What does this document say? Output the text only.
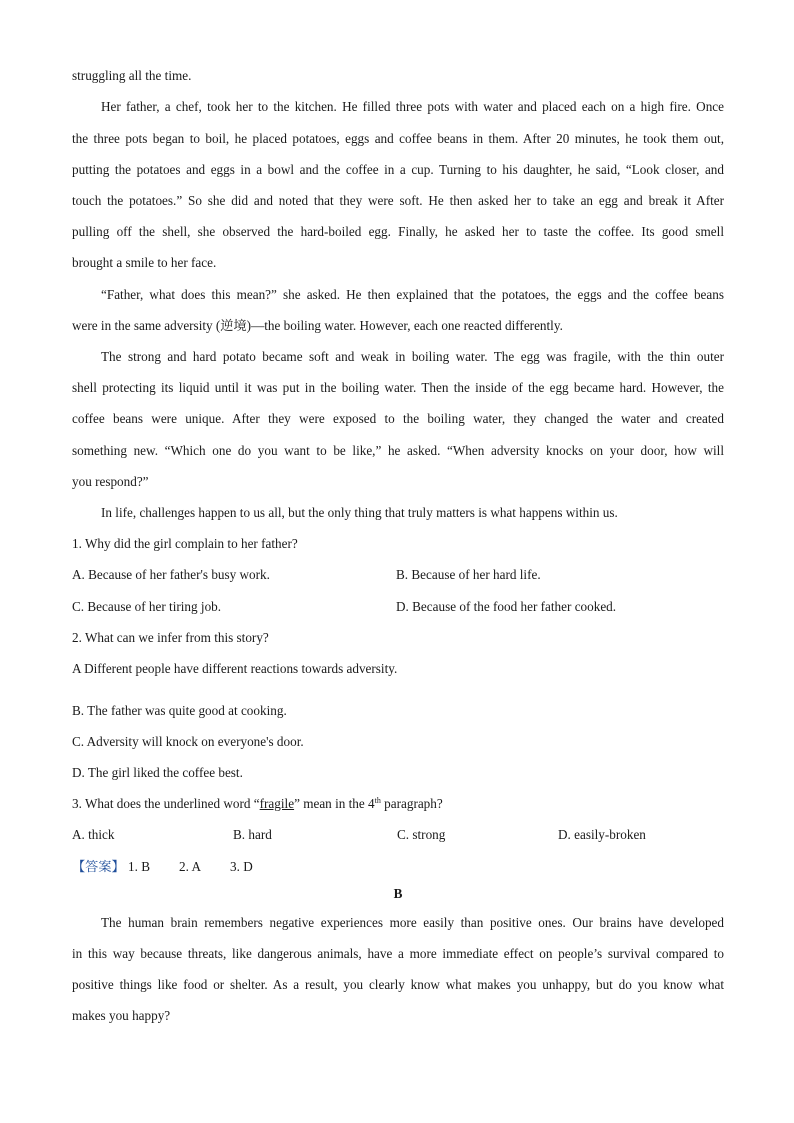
struggling all the time.
Her father, a chef, took her to the kitchen. He filled three pots with water and placed each on a high fire. Once
the three pots began to boil, he placed potatoes, eggs and coffee beans in them. After 20 minutes, he took them out,
putting the potatoes and eggs in a bowl and the coffee in a cup. Turning to his daughter, he said, “Look closer, and
touch the potatoes.” So she did and noted that they were soft. He then asked her to take an egg and break it After
pulling off the shell, she observed the hard-boiled egg. Finally, he asked her to taste the coffee. Its good smell
brought a smile to her face.
“Father, what does this mean?” she asked. He then explained that the potatoes, the eggs and the coffee beans
were in the same adversity (逆境)—the boiling water. However, each one reacted differently.
The strong and hard potato became soft and weak in boiling water. The egg was fragile, with the thin outer
shell protecting its liquid until it was put in the boiling water. Then the inside of the egg became hard. However, the
coffee beans were unique. After they were exposed to the boiling water, they changed the water and created
something new. “Which one do you want to be like,” he asked. “When adversity knocks on your door, how will
you respond?”
In life, challenges happen to us all, but the only thing that truly matters is what happens within us.
1. Why did the girl complain to her father?
A. Because of her father's busy work.	B. Because of her hard life.
C. Because of her tiring job.	D. Because of the food her father cooked.
2. What can we infer from this story?
A Different people have different reactions towards adversity.
B. The father was quite good at cooking.
C. Adversity will knock on everyone's door.
D. The girl liked the coffee best.
3. What does the underlined word “fragile” mean in the 4th paragraph?
A. thick	B. hard	C. strong	D. easily-broken
【答案】 1. B 2. A 3. D
B
The human brain remembers negative experiences more easily than positive ones. Our brains have developed
in this way because threats, like dangerous animals, have a more immediate effect on people’s survival compared to
positive things like food or shelter. As a result, you clearly know what makes you unhappy, but do you know what
makes you happy?
